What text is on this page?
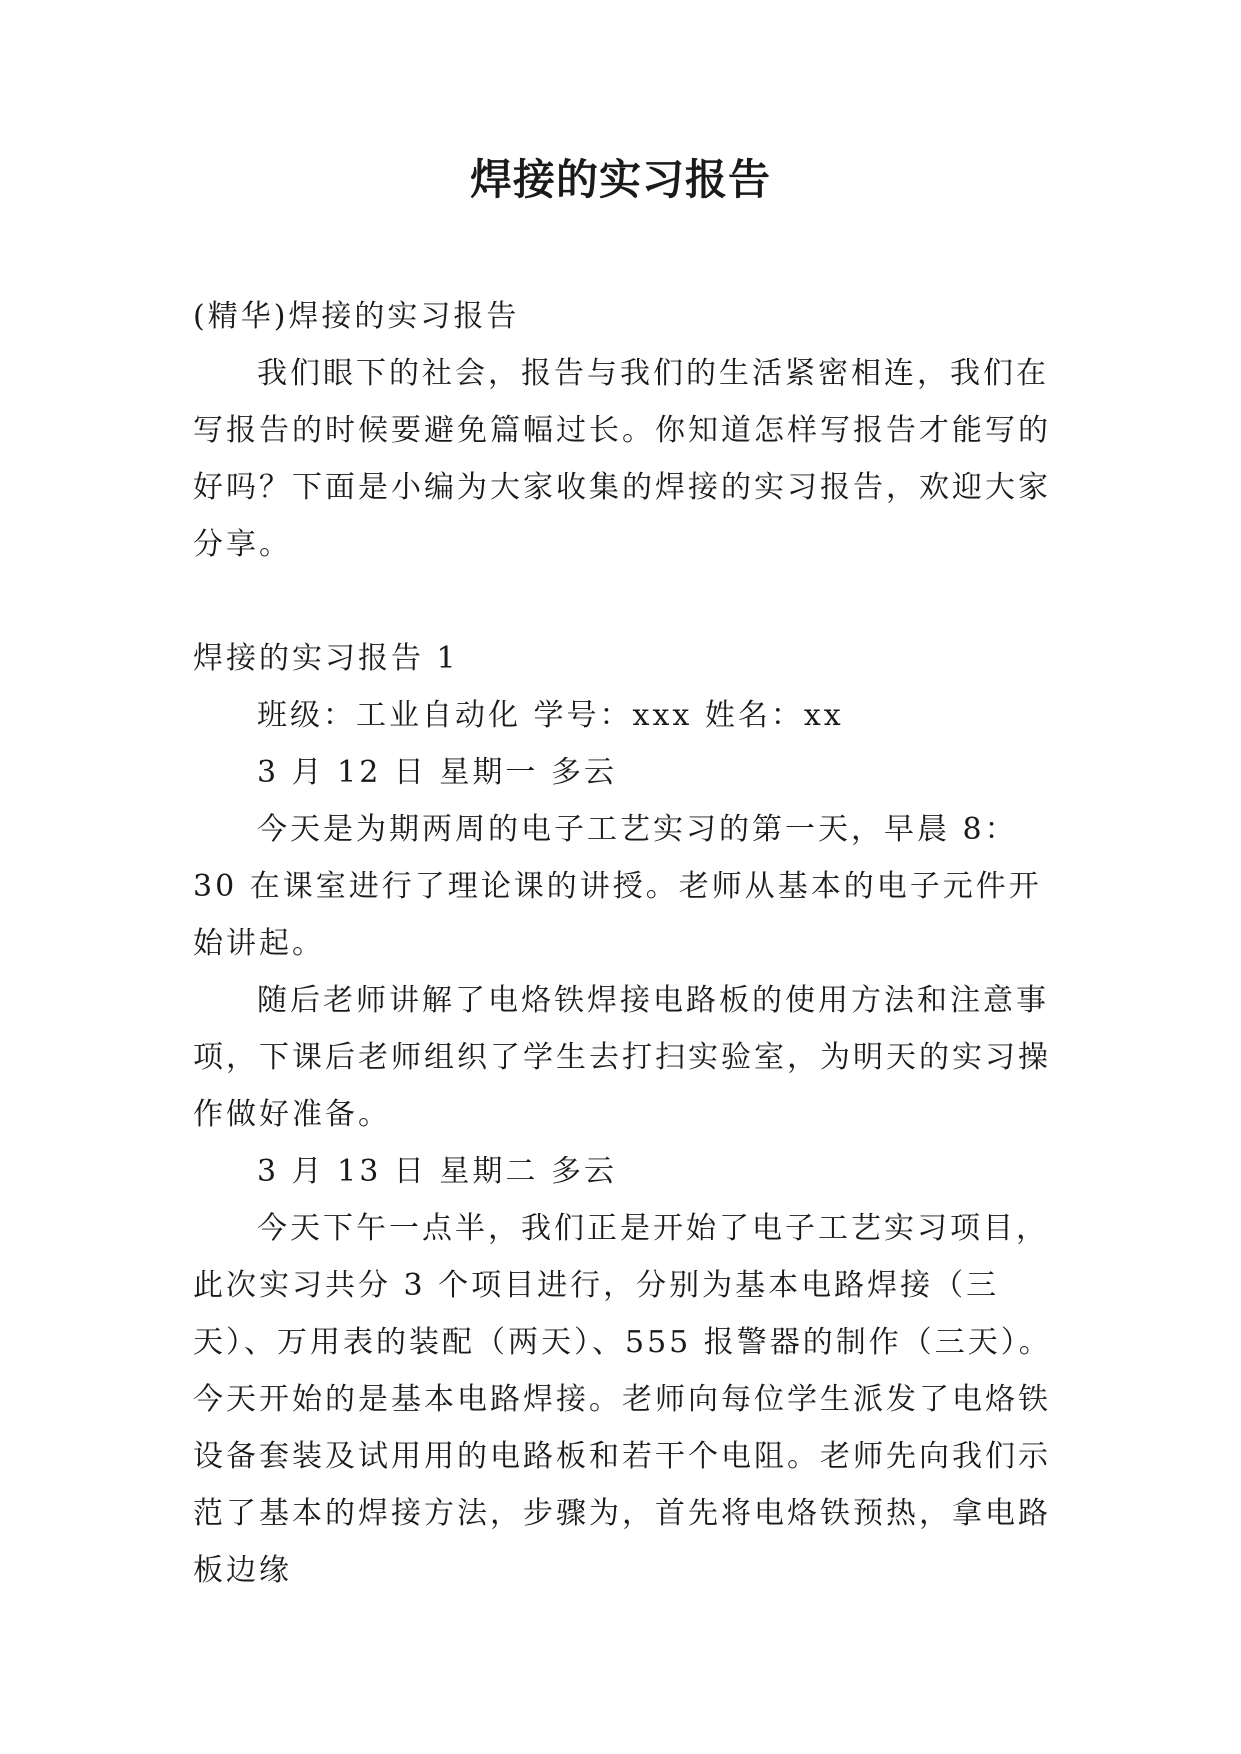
焊接的实习报告

(精华)焊接的实习报告

我们眼下的社会，报告与我们的生活紧密相连，我们在写报告的时候要避免篇幅过长。你知道怎样写报告才能写的好吗？下面是小编为大家收集的焊接的实习报告，欢迎大家分享。

焊接的实习报告 1

班级：工业自动化 学号：xxx 姓名：xx

3 月 12 日 星期一 多云

今天是为期两周的电子工艺实习的第一天，早晨 8：30 在课室进行了理论课的讲授。老师从基本的电子元件开始讲起。

随后老师讲解了电烙铁焊接电路板的使用方法和注意事项，下课后老师组织了学生去打扫实验室，为明天的实习操作做好准备。

3 月 13 日 星期二 多云

今天下午一点半，我们正是开始了电子工艺实习项目，此次实习共分 3 个项目进行，分别为基本电路焊接（三天）、万用表的装配（两天）、555 报警器的制作（三天）。今天开始的是基本电路焊接。老师向每位学生派发了电烙铁设备套装及试用用的电路板和若干个电阻。老师先向我们示范了基本的焊接方法，步骤为，首先将电烙铁预热，拿电路板边缘
